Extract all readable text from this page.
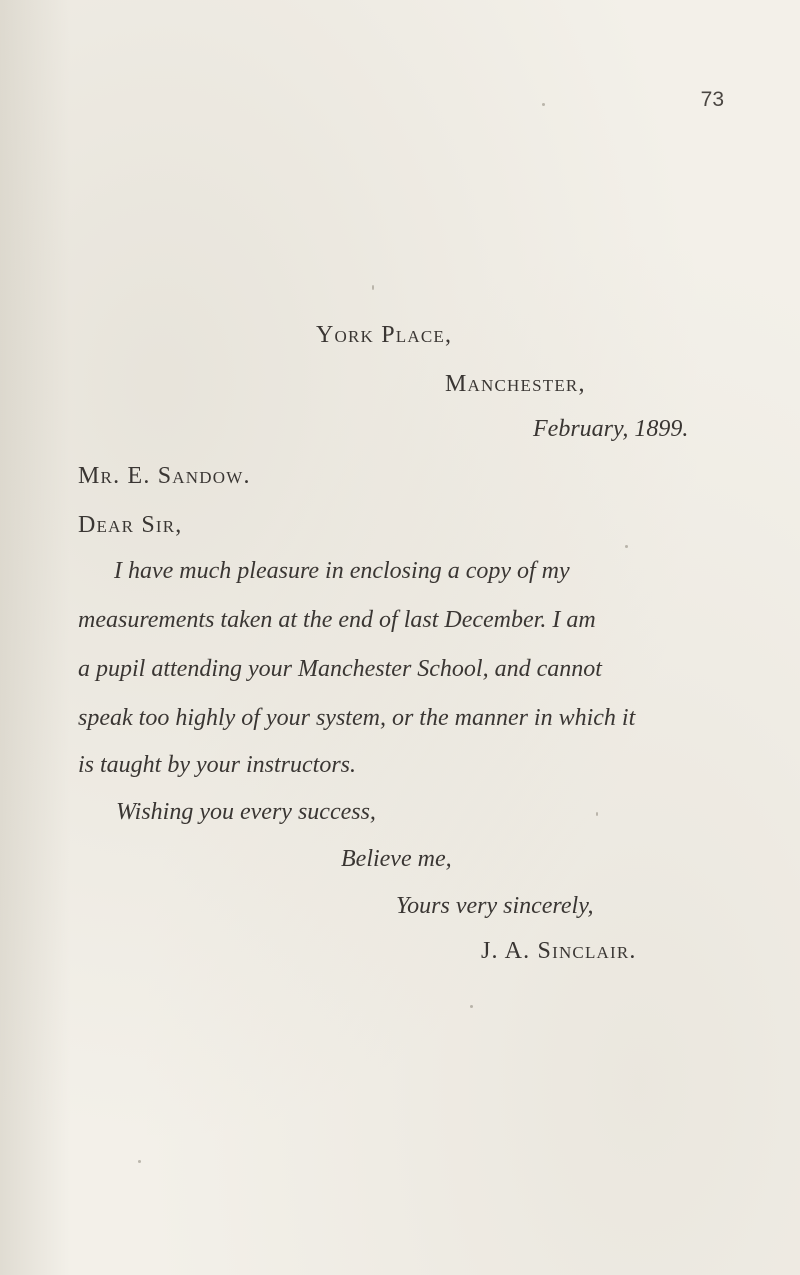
73
York Place,
Manchester,
February, 1899.
Mr. E. Sandow.
Dear Sir,
I have much pleasure in enclosing a copy of my
measurements taken at the end of last December. I am
a pupil attending your Manchester School, and cannot
speak too highly of your system, or the manner in which it
is taught by your instructors.
Wishing you every success,
Believe me,
Yours very sincerely,
J. A. Sinclair.
